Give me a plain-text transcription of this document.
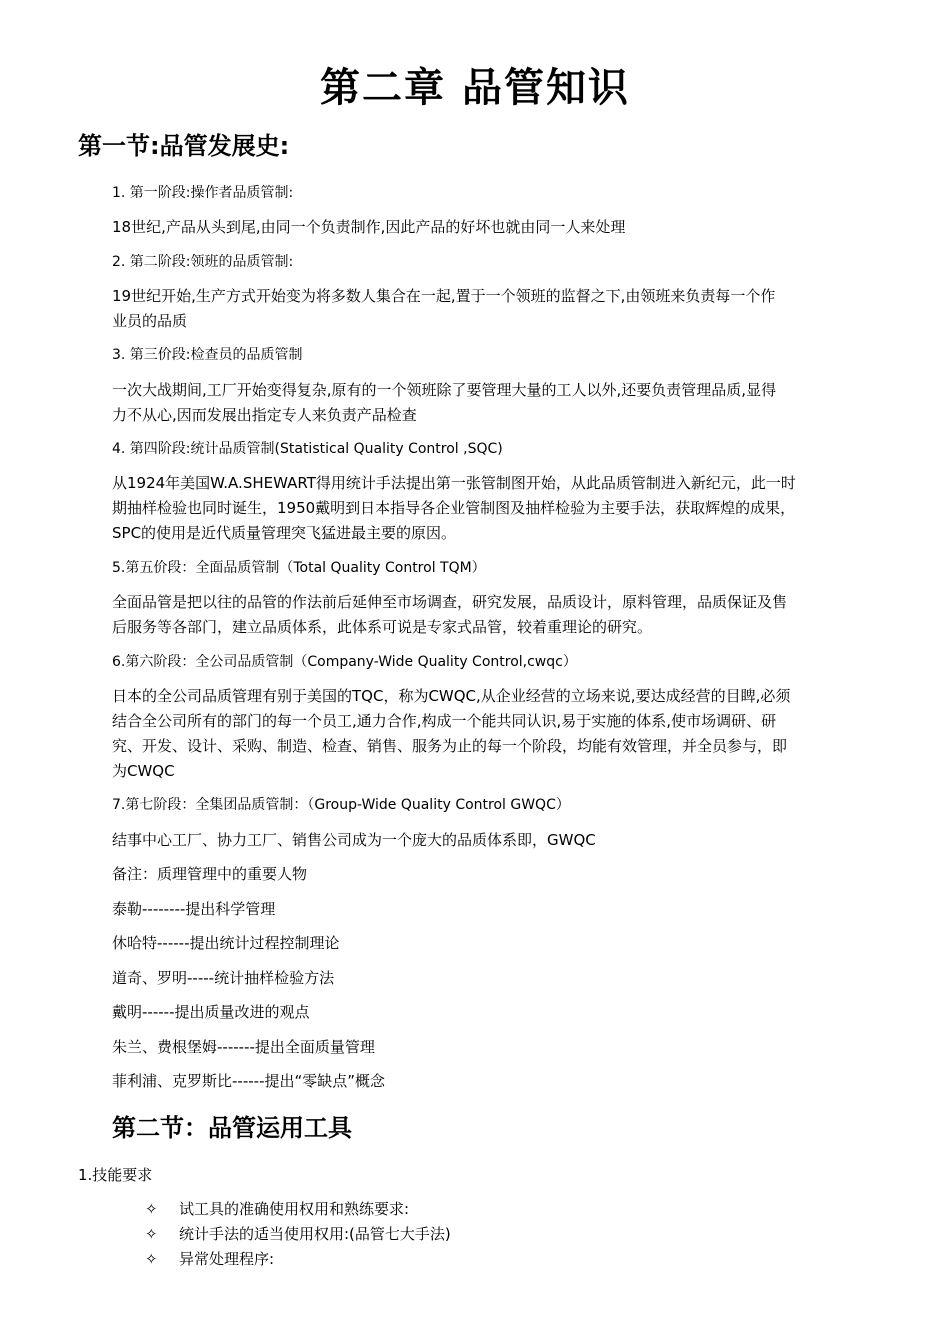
第二章 品管知识
第一节:品管发展史:
1. 第一阶段:操作者品质管制:
18世纪,产品从头到尾,由同一个负责制作,因此产品的好坏也就由同一人来处理
2. 第二阶段:领班的品质管制:
19世纪开始,生产方式开始变为将多数人集合在一起,置于一个领班的监督之下,由领班来负责每一个作
业员的品质
3. 第三价段:检查员的品质管制
一次大战期间,工厂开始变得复杂,原有的一个领班除了要管理大量的工人以外,还要负责管理品质,显得
力不从心,因而发展出指定专人来负责产品检查
4. 第四阶段:统计品质管制(Statistical Quality Control ,SQC)
从1924年美国W.A.SHEWART得用统计手法提出第一张管制图开始，从此品质管制进入新纪元，此一时
期抽样检验也同时诞生，1950戴明到日本指导各企业管制图及抽样检验为主要手法，获取辉煌的成果，
SPC的使用是近代质量管理突飞猛进最主要的原因。
5.第五价段：全面品质管制（Total Quality Control TQM）
全面品管是把以往的品管的作法前后延伸至市场调查，研究发展，品质设计，原料管理，品质保证及售
后服务等各部门，建立品质体系，此体系可说是专家式品管，较着重理论的研究。
6.第六阶段：全公司品质管制（Company-Wide Quality Control,cwqc）
日本的全公司品质管理有别于美国的TQC，称为CWQC,从企业经营的立场来说,要达成经营的目睥,必须
结合全公司所有的部门的每一个员工,通力合作,构成一个能共同认识,易于实施的体系,使市场调研、研
究、开发、设计、采购、制造、检查、销售、服务为止的每一个阶段，均能有效管理，并全员参与，即
为CWQC
7.第七阶段：全集团品质管制：（Group-Wide Quality Control GWQC）
结事中心工厂、协力工厂、销售公司成为一个庞大的品质体系即，GWQC
备注：质理管理中的重要人物
泰勒--------提出科学管理
休哈特------提出统计过程控制理论
道奇、罗明-----统计抽样检验方法
戴明------提出质量改进的观点
朱兰、费根堡姆-------提出全面质量管理
菲利浦、克罗斯比------提出“零缺点”概念
第二节：品管运用工具
1.技能要求
✧ 试工具的准确使用权用和熟练要求:
✧ 统计手法的适当使用权用:(品管七大手法)
✧ 异常处理程序:
